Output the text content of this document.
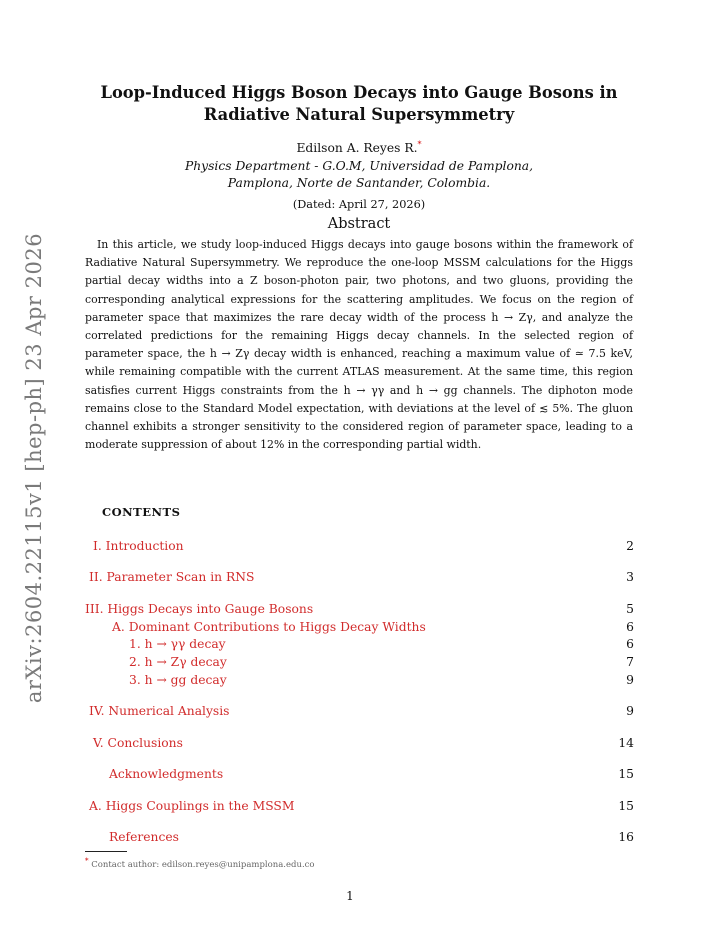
arXiv:2604.22115v1 [hep-ph] 23 Apr 2026
Loop-Induced Higgs Boson Decays into Gauge Bosons in
Radiative Natural Supersymmetry
Edilson A. Reyes R.*
Physics Department - G.O.M, Universidad de Pamplona,
Pamplona, Norte de Santander, Colombia.
(Dated: April 27, 2026)
Abstract
In this article, we study loop-induced Higgs decays into gauge bosons within the framework of Radiative Natural Supersymmetry. We reproduce the one-loop MSSM calculations for the Higgs partial decay widths into a Z boson-photon pair, two photons, and two gluons, providing the corresponding analytical expressions for the scattering amplitudes. We focus on the region of parameter space that maximizes the rare decay width of the process h → Zγ, and analyze the correlated predictions for the remaining Higgs decay channels. In the selected region of parameter space, the h → Zγ decay width is enhanced, reaching a maximum value of ≃ 7.5 keV, while remaining compatible with the current ATLAS measurement. At the same time, this region satisfies current Higgs constraints from the h → γγ and h → gg channels. The diphoton mode remains close to the Standard Model expectation, with deviations at the level of ≲ 5%. The gluon channel exhibits a stronger sensitivity to the considered region of parameter space, leading to a moderate suppression of about 12% in the corresponding partial width.
CONTENTS
I. Introduction	2
II. Parameter Scan in RNS	3
III. Higgs Decays into Gauge Bosons	5
A. Dominant Contributions to Higgs Decay Widths	6
1. h → γγ decay	6
2. h → Zγ decay	7
3. h → gg decay	9
IV. Numerical Analysis	9
V. Conclusions	14
Acknowledgments	15
A. Higgs Couplings in the MSSM	15
References	16
* Contact author: edilson.reyes@unipamplona.edu.co
1
